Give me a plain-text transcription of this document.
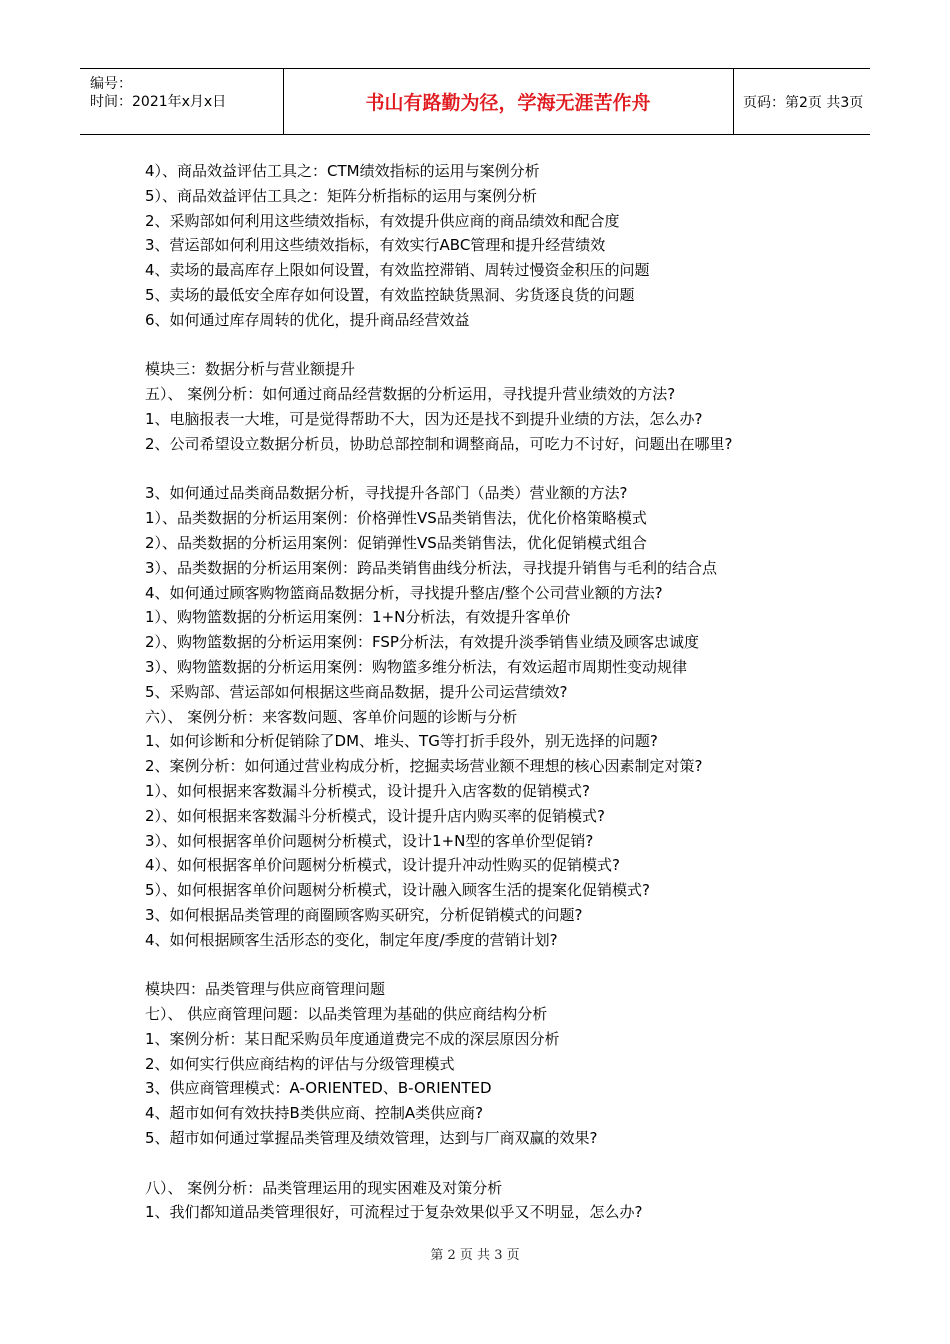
编号：
时间：2021年x月x日	书山有路勤为径，学海无涯苦作舟	页码：第2页 共3页
4）、商品效益评估工具之：CTM绩效指标的运用与案例分析
5）、商品效益评估工具之：矩阵分析指标的运用与案例分析
2、采购部如何利用这些绩效指标，有效提升供应商的商品绩效和配合度
3、营运部如何利用这些绩效指标，有效实行ABC管理和提升经营绩效
4、卖场的最高库存上限如何设置，有效监控滞销、周转过慢资金积压的问题
5、卖场的最低安全库存如何设置，有效监控缺货黑洞、劣货逐良货的问题
6、如何通过库存周转的优化，提升商品经营效益

模块三：数据分析与营业额提升
五）、 案例分析：如何通过商品经营数据的分析运用，寻找提升营业绩效的方法?
1、电脑报表一大堆，可是觉得帮助不大，因为还是找不到提升业绩的方法，怎么办?
2、公司希望设立数据分析员，协助总部控制和调整商品，可吃力不讨好，问题出在哪里?

3、如何通过品类商品数据分析，寻找提升各部门（品类）营业额的方法?
1）、品类数据的分析运用案例：价格弹性VS品类销售法，优化价格策略模式
2）、品类数据的分析运用案例：促销弹性VS品类销售法，优化促销模式组合
3）、品类数据的分析运用案例：跨品类销售曲线分析法，寻找提升销售与毛利的结合点
4、如何通过顾客购物篮商品数据分析，寻找提升整店/整个公司营业额的方法?
1）、购物篮数据的分析运用案例：1+N分析法，有效提升客单价
2）、购物篮数据的分析运用案例：FSP分析法，有效提升淡季销售业绩及顾客忠诚度
3）、购物篮数据的分析运用案例：购物篮多维分析法，有效运超市周期性变动规律
5、采购部、营运部如何根据这些商品数据，提升公司运营绩效?
六）、 案例分析：来客数问题、客单价问题的诊断与分析
1、如何诊断和分析促销除了DM、堆头、TG等打折手段外，别无选择的问题?
2、案例分析：如何通过营业构成分析，挖掘卖场营业额不理想的核心因素制定对策?
1）、如何根据来客数漏斗分析模式，设计提升入店客数的促销模式?
2）、如何根据来客数漏斗分析模式，设计提升店内购买率的促销模式?
3）、如何根据客单价问题树分析模式，设计1+N型的客单价型促销?
4）、如何根据客单价问题树分析模式，设计提升冲动性购买的促销模式?
5）、如何根据客单价问题树分析模式，设计融入顾客生活的提案化促销模式?
3、如何根据品类管理的商圈顾客购买研究，分析促销模式的问题?
4、如何根据顾客生活形态的变化，制定年度/季度的营销计划?

模块四：品类管理与供应商管理问题
七）、 供应商管理问题：以品类管理为基础的供应商结构分析
1、案例分析：某日配采购员年度通道费完不成的深层原因分析
2、如何实行供应商结构的评估与分级管理模式
3、供应商管理模式：A-ORIENTED、B-ORIENTED
4、超市如何有效扶持B类供应商、控制A类供应商?
5、超市如何通过掌握品类管理及绩效管理，达到与厂商双赢的效果?

八）、 案例分析：品类管理运用的现实困难及对策分析
1、我们都知道品类管理很好，可流程过于复杂效果似乎又不明显，怎么办?
第 2 页 共 3 页
